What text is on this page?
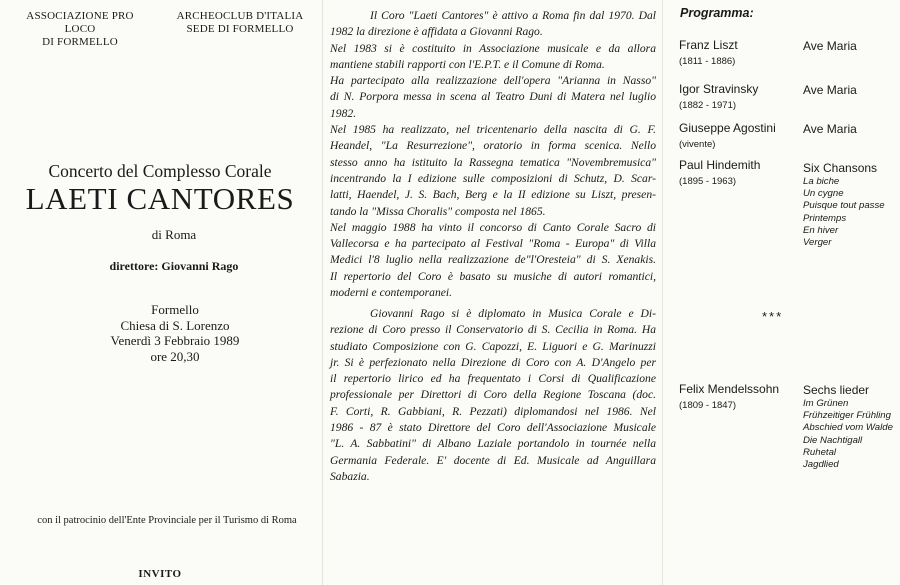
ASSOCIAZIONE PRO LOCO
DI FORMELLO
ARCHEOCLUB D'ITALIA
SEDE DI FORMELLO
Concerto del Complesso Corale
LAETI CANTORES
di Roma
direttore: Giovanni Rago
Formello
Chiesa di S. Lorenzo
Venerdì 3 Febbraio 1989
ore 20,30
con il patrocinio dell'Ente Provinciale per il Turismo di Roma
INVITO
Il Coro "Laeti Cantores" è attivo a Roma fin dal 1970. Dal
1982 la direzione è affidata a Giovanni Rago.
Nel 1983 si è costituito in Associazione musicale e da allora
mantiene stabili rapporti con l'E.P.T. e il Comune di Roma.
Ha partecipato alla realizzazione dell'opera "Arianna in Nasso"
di N. Porpora messa in scena al Teatro Duni di Matera nel luglio
1982.
Nel 1985 ha realizzato, nel tricentenario della nascita di G. F.
Heandel, "La Resurrezione", oratorio in forma scenica. Nello
stesso anno ha istituito la Rassegna tematica "Novembremusica"
incentrando la I edizione sulle composizioni di Schutz, D. Scar-
latti, Haendel, J. S. Bach, Berg e la II edizione su Liszt, presen-
tando la "Missa Choralis" composta nel 1865.
Nel maggio 1988 ha vinto il concorso di Canto Corale Sacro di
Vallecorsa e ha partecipato al Festival "Roma - Europa" di Villa
Medici l'8 luglio nella realizzazione de"l'Oresteia" di S. Xenakis.
Il repertorio del Coro è basato su musiche di autori romantici,
moderni e contemporanei.
Giovanni Rago si è diplomato in Musica Corale e Di-
rezione di Coro presso il Conservatorio di S. Cecilia in Roma. Ha
studiato Composizione con G. Capozzi, E. Liguori e G. Marinuzzi
jr. Si è perfezionato nella Direzione di Coro con A. D'Angelo per
il repertorio lirico ed ha frequentato i Corsi di Qualificazione
professionale per Direttori di Coro della Regione Toscana (doc.
F. Corti, R. Gabbiani, R. Pezzati) diplomandosi nel 1986. Nel
1986 - 87 è stato Direttore del Coro dell'Associazione Musicale
"L. A. Sabbatini" di Albano Laziale portandolo in tournée nella
Germania Federale. E' docente di Ed. Musicale ad Anguillara
Sabazia.
Programma:
Franz Liszt
(1811 - 1886)
Ave Maria
Igor Stravinsky
(1882 - 1971)
Ave Maria
Giuseppe Agostini
(vivente)
Ave Maria
Paul Hindemith
(1895 - 1963)
Six Chansons
La biche
Un cygne
Puisque tout passe
Printemps
En hiver
Verger
***
Felix Mendelssohn
(1809 - 1847)
Sechs lieder
Im Grünen
Frühzeitiger Frühling
Abschied vom Walde
Die Nachtigall
Ruhetal
Jagdlied
